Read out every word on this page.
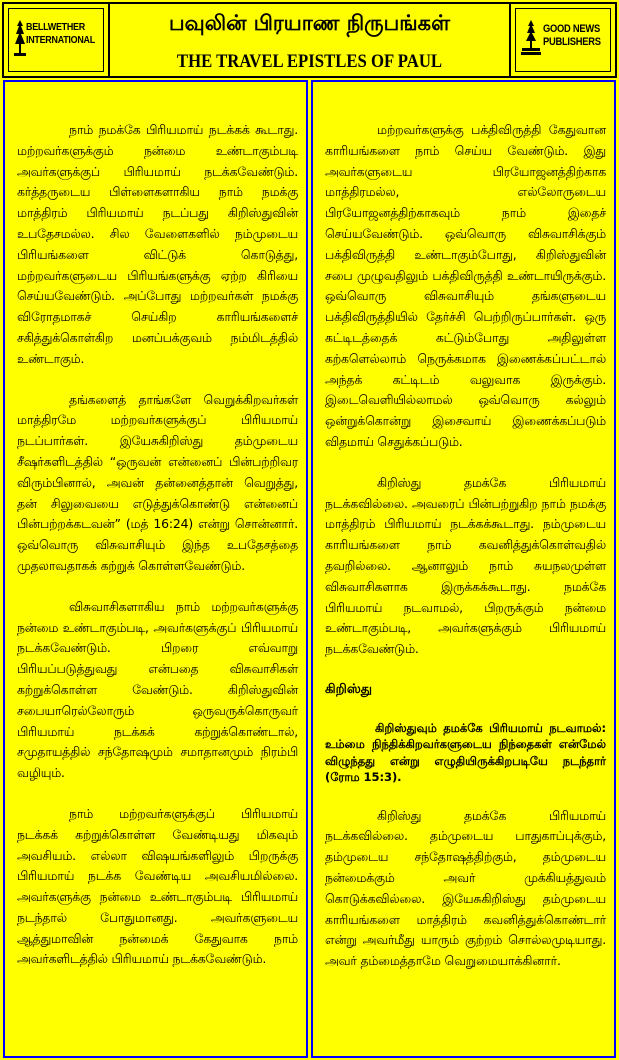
BELLWETHER
INTERNATIONAL
பவுலின் பிரயாண நிருபங்கள்
THE TRAVEL EPISTLES OF PAUL
GOOD NEWS
PUBLISHERS

நாம் நமக்கே பிரியமாய் நடக்கக் கூடாது. மற்றவர்களுக்கும் நன்மை உண்டாகும்படி அவர்களுக்குப் பிரியமாய் நடக்கவேண்டும். கர்த்தருடைய பிள்ளைகளாகிய நாம் நமக்கு மாத்திரம் பிரியமாய் நடப்பது கிறிஸ்துவின் உபதேசமல்ல. சில வேளைகளில் நம்முடைய பிரியங்களை விட்டுக் கொடுத்து, மற்றவர்களுடைய பிரியங்களுக்கு ஏற்ற கிரியை செய்யவேண்டும். அப்போது மற்றவர்கள் நமக்கு விரோதமாகச் செய்கிற காரியங்களைச் சகித்துக்கொள்கிற மனப்பக்குவம் நம்மிடத்தில் உண்டாகும்.

தங்களைத் தாங்களே வெறுக்கிறவர்கள் மாத்திரமே மற்றவர்களுக்குப் பிரியமாய் நடப்பார்கள். இயேசுகிறிஸ்து தம்முடைய சீஷர்களிடத்தில் “ஒருவன் என்னைப் பின்பற்றிவர விரும்பினால், அவன் தன்னைத்தான் வெறுத்து, தன் சிலுவையை எடுத்துக்கொண்டு என்னைப் பின்பற்றக்கடவன்” (மத் 16:24) என்று சொன்னார். ஒவ்வொரு விசுவாசியும் இந்த உபதேசத்தை முதலாவதாகக் கற்றுக் கொள்ளவேண்டும்.

விசுவாசிகளாகிய நாம் மற்றவர்களுக்கு நன்மை உண்டாகும்படி, அவர்களுக்குப் பிரியமாய் நடக்கவேண்டும். பிறரை எவ்வாறு பிரியப்படுத்துவது என்பதை விசுவாசிகள் கற்றுக்கொள்ள வேண்டும். கிறிஸ்துவின் சபையாரெல்லோரும் ஒருவருக்கொருவர் பிரியமாய் நடக்கக் கற்றுக்கொண்டால், சமுதாயத்தில் சந்தோஷமும் சமாதானமும் நிரம்பி வழியும்.

நாம் மற்றவர்களுக்குப் பிரியமாய் நடக்கக் கற்றுக்கொள்ள வேண்டியது மிகவும் அவசியம். எல்லா விஷயங்களிலும் பிறருக்கு பிரியமாய் நடக்க வேண்டிய அவசியமில்லை. அவர்களுக்கு நன்மை உண்டாகும்படி பிரியமாய் நடந்தால் போதுமானது. அவர்களுடைய ஆத்துமாவின் நன்மைக் கேதுவாக நாம் அவர்களிடத்தில் பிரியமாய் நடக்கவேண்டும்.

மற்றவர்களுக்கு பக்திவிருத்தி கேதுவான காரியங்களை நாம் செய்ய வேண்டும். இது அவர்களுடைய பிரயோஜனத்திற்காக மாத்திரமல்ல, எல்லோருடைய பிரயோஜனத்திற்காகவும் நாம் இதைச் செய்யவேண்டும். ஒவ்வொரு விசுவாசிக்கும் பக்திவிருத்தி உண்டாகும்போது, கிறிஸ்துவின் சபை முழுவதிலும் பக்திவிருத்தி உண்டாயிருக்கும். ஒவ்வொரு விசுவாசியும் தங்களுடைய பக்திவிருத்தியில் தேர்ச்சி பெற்றிருப்பார்கள். ஒரு கட்டிடத்தைக் கட்டும்போது அதிலுள்ள கற்களெல்லாம் நெருக்கமாக இணைக்கப்பட்டால் அந்தக் கட்டிடம் வலுவாக இருக்கும். இடைவெளியில்லாமல் ஒவ்வொரு கல்லும் ஒன்றுக்கொன்று இசைவாய் இணைக்கப்படும் விதமாய் செதுக்கப்படும்.

கிறிஸ்து தமக்கே பிரியமாய் நடக்கவில்லை. அவரைப் பின்பற்றுகிற நாம் நமக்கு மாத்திரம் பிரியமாய் நடக்கக்கூடாது. நம்முடைய காரியங்களை நாம் கவனித்துக்கொள்வதில் தவறில்லை. ஆனாலும் நாம் சுயநலமுள்ள விசுவாசிகளாக இருக்கக்கூடாது. நமக்கே பிரியமாய் நடவாமல், பிறருக்கும் நன்மை உண்டாகும்படி, அவர்களுக்கும் பிரியமாய் நடக்கவேண்டும்.

கிறிஸ்து

கிறிஸ்துவும் தமக்கே பிரியமாய் நடவாமல்: உம்மை நிந்திக்கிறவர்களுடைய நிந்தைகள் என்மேல் விழுந்தது என்று எழுதியிருக்கிறபடியே நடந்தார் (ரோம 15:3).

கிறிஸ்து தமக்கே பிரியமாய் நடக்கவில்லை. தம்முடைய பாதுகாப்புக்கும், தம்முடைய சந்தோஷத்திற்கும், தம்முடைய நன்மைக்கும் அவர் முக்கியத்துவம் கொடுக்கவில்லை. இயேசுகிறிஸ்து தம்முடைய காரியங்களை மாத்திரம் கவனித்துக்கொண்டார் என்று அவர்மீது யாரும் குற்றம் சொல்லமுடியாது. அவர் தம்மைத்தாமே வெறுமையாக்கினார்.
